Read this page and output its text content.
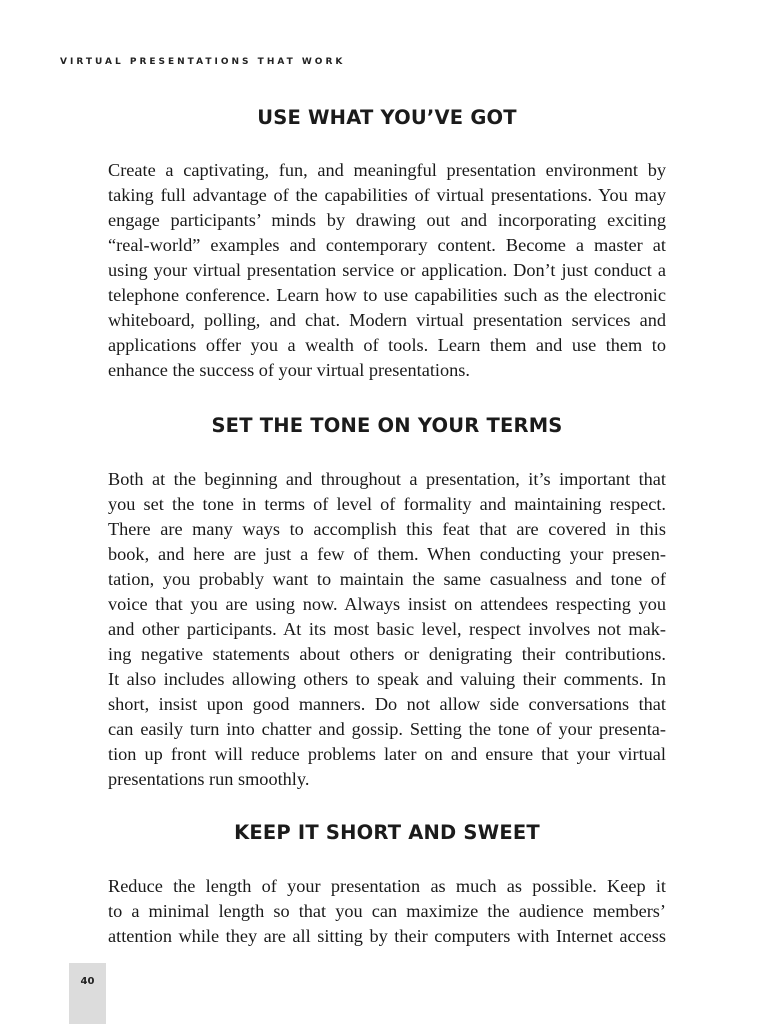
VIRTUAL PRESENTATIONS THAT WORK
USE WHAT YOU’VE GOT
Create a captivating, fun, and meaningful presentation environment by
taking full advantage of the capabilities of virtual presentations. You may
engage participants’ minds by drawing out and incorporating exciting
“real-world” examples and contemporary content. Become a master at
using your virtual presentation service or application. Don’t just conduct a
telephone conference. Learn how to use capabilities such as the electronic
whiteboard, polling, and chat. Modern virtual presentation services and
applications offer you a wealth of tools. Learn them and use them to
enhance the success of your virtual presentations.
SET THE TONE ON YOUR TERMS
Both at the beginning and throughout a presentation, it’s important that
you set the tone in terms of level of formality and maintaining respect.
There are many ways to accomplish this feat that are covered in this
book, and here are just a few of them. When conducting your presen-
tation, you probably want to maintain the same casualness and tone of
voice that you are using now. Always insist on attendees respecting you
and other participants. At its most basic level, respect involves not mak-
ing negative statements about others or denigrating their contributions.
It also includes allowing others to speak and valuing their comments. In
short, insist upon good manners. Do not allow side conversations that
can easily turn into chatter and gossip. Setting the tone of your presenta-
tion up front will reduce problems later on and ensure that your virtual
presentations run smoothly.
KEEP IT SHORT AND SWEET
Reduce the length of your presentation as much as possible. Keep it
to a minimal length so that you can maximize the audience members’
attention while they are all sitting by their computers with Internet access
40
